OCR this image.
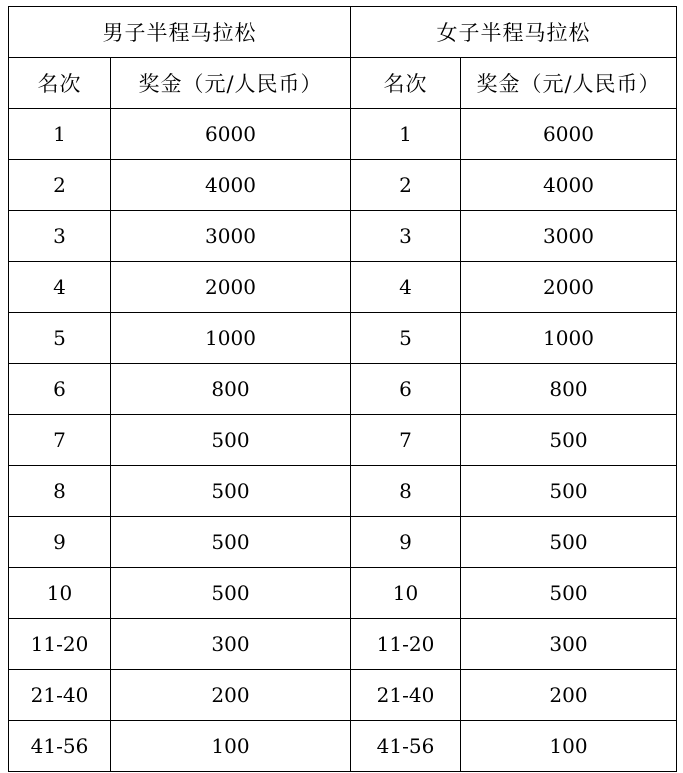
男子半程马拉松		女子半程马拉松	
名次	奖金（元/人民币）	名次	奖金（元/人民币）
1	6000	1	6000
2	4000	2	4000
3	3000	3	3000
4	2000	4	2000
5	1000	5	1000
6	800	6	800
7	500	7	500
8	500	8	500
9	500	9	500
10	500	10	500
11-20	300	11-20	300
21-40	200	21-40	200
41-56	100	41-56	100
